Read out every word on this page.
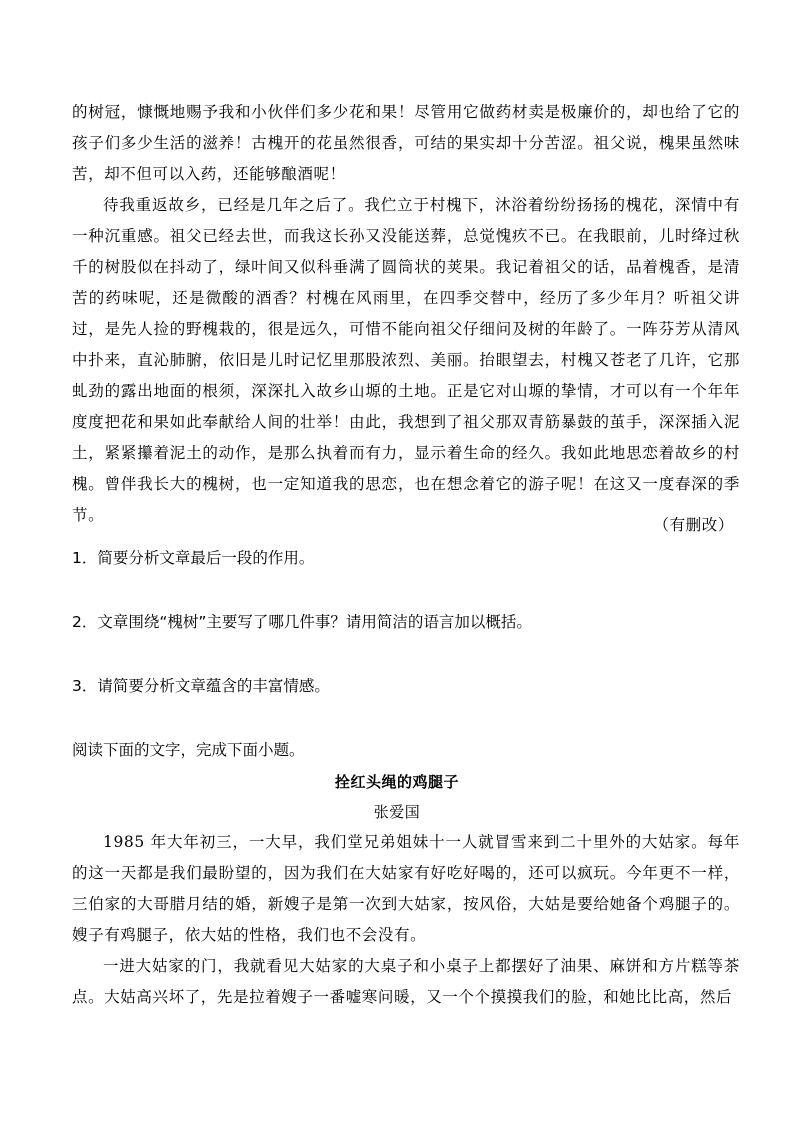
的树冠，慷慨地赐予我和小伙伴们多少花和果！尽管用它做药材卖是极廉价的，却也给了它的孩子们多少生活的滋养！古槐开的花虽然很香，可结的果实却十分苦涩。祖父说，槐果虽然味苦，却不但可以入药，还能够酿酒呢！

待我重返故乡，已经是几年之后了。我伫立于村槐下，沐浴着纷纷扬扬的槐花，深情中有一种沉重感。祖父已经去世，而我这长孙又没能送葬，总觉愧疚不已。在我眼前，儿时绛过秋千的树股似在抖动了，绿叶间又似科垂满了圆筒状的荚果。我记着祖父的话，品着槐香，是清苦的药味呢，还是微酸的酒香？村槐在风雨里，在四季交替中，经历了多少年月？听祖父讲过，是先人捡的野槐栽的，很是远久，可惜不能向祖父仔细问及树的年龄了。一阵芬芳从清风中扑来，直沁肺腑，依旧是儿时记忆里那股浓烈、美丽。抬眼望去，村槐又苍老了几许，它那虬劲的露出地面的根须，深深扎入故乡山塬的土地。正是它对山塬的挚情，才可以有一个年年度度把花和果如此奉献给人间的壮举！由此，我想到了祖父那双青筋暴鼓的茧手，深深插入泥土，紧紧攥着泥土的动作，是那么执着而有力，显示着生命的经久。我如此地思恋着故乡的村槐。曾伴我长大的槐树，也一定知道我的思恋，也在想念着它的游子呢！在这又一度春深的季节。

（有删改）
1．简要分析文章最后一段的作用。
2．文章围绕“槐树”主要写了哪几件事？请用简洁的语言加以概括。
3．请简要分析文章蕴含的丰富情感。
阅读下面的文字，完成下面小题。
拴红头绳的鸡腿子
张爱国

1985 年大年初三，一大早，我们堂兄弟姐妹十一人就冒雪来到二十里外的大姑家。每年的这一天都是我们最盼望的，因为我们在大姑家有好吃好喝的，还可以疯玩。今年更不一样，三伯家的大哥腊月结的婚，新嫂子是第一次到大姑家，按风俗，大姑是要给她备个鸡腿子的。嫂子有鸡腿子，依大姑的性格，我们也不会没有。

一进大姑家的门，我就看见大姑家的大桌子和小桌子上都摆好了油果、麻饼和方片糕等茶点。大姑高兴坏了，先是拉着嫂子一番嘘寒问暖，又一个个摸摸我们的脸，和她比比高，然后
